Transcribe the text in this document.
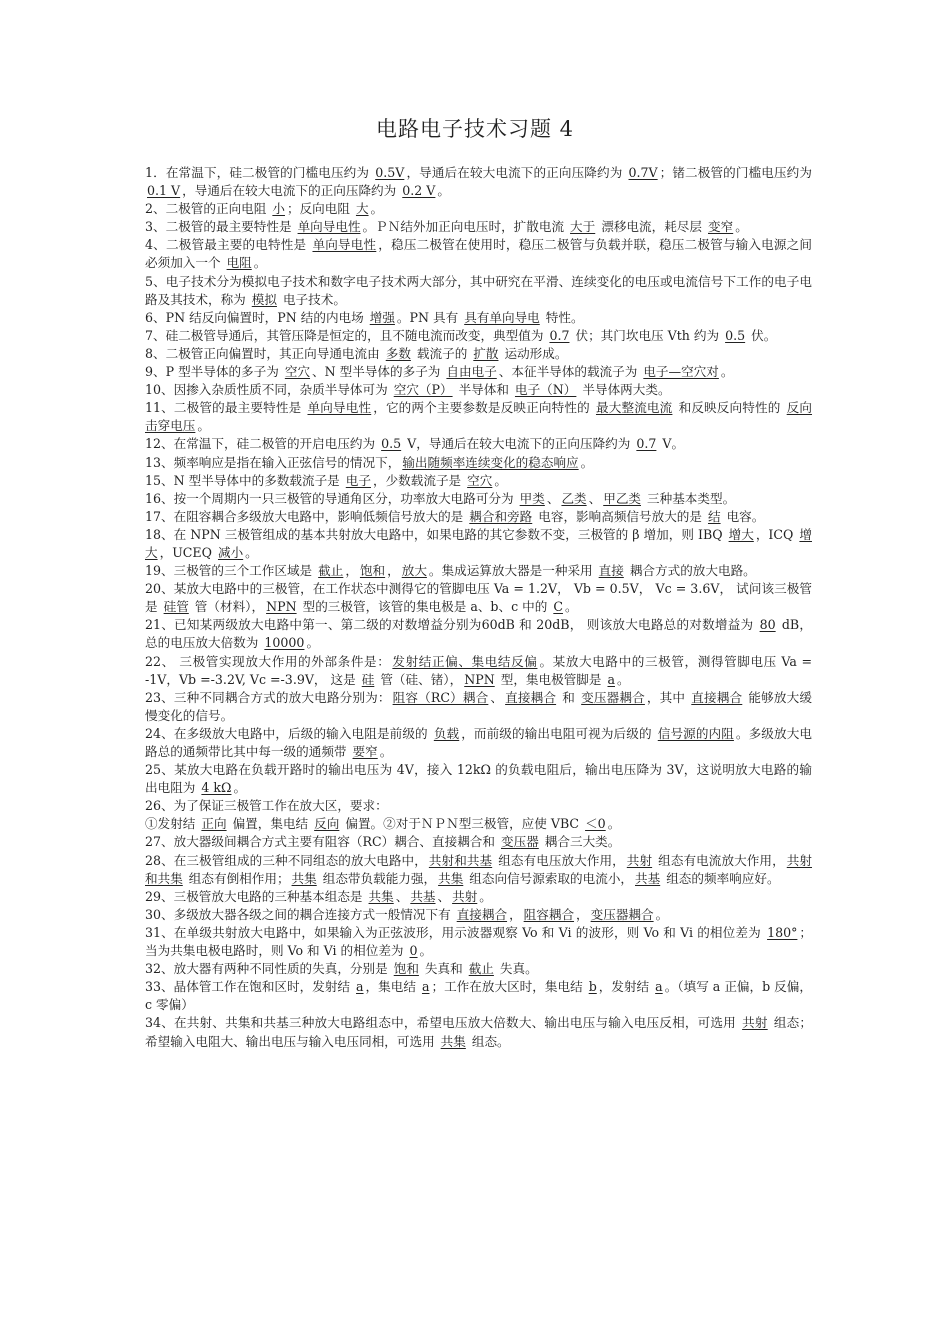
电路电子技术习题 4

1．在常温下，硅二极管的门槛电压约为 0.5V ，导通后在较大电流下的正向压降约为 0.7V ；锗二极管的门槛电压约为 0.1 V ，导通后在较大电流下的正向压降约为 0.2 V 。

2、二极管的正向电阻 小 ；反向电阻 大 。

3、二极管的最主要特性是 单向导电性 。ＰＮ结外加正向电压时，扩散电流 大于 漂移电流，耗尽层 变窄 。

4、二极管最主要的电特性是 单向导电性 ，稳压二极管在使用时，稳压二极管与负载并联，稳压二极管与输入电源之间必须加入一个 电阻 。

5、电子技术分为模拟电子技术和数字电子技术两大部分，其中研究在平滑、连续变化的电压或电流信号下工作的电子电路及其技术，称为 模拟 电子技术。

6、PN 结反向偏置时，PN 结的内电场 增强 。PN 具有 具有单向导电 特性。

7、硅二极管导通后，其管压降是恒定的，且不随电流而改变，典型值为 0.7 伏；其门坎电压 Vth 约为 0.5 伏。

8、二极管正向偏置时，其正向导通电流由 多数 载流子的 扩散 运动形成。

9、P 型半导体的多子为 空穴 、N 型半导体的多子为 自由电子 、本征半导体的载流子为 电子—空穴对 。

10、因掺入杂质性质不同，杂质半导体可为 空穴（P） 半导体和 电子（N） 半导体两大类。

11、二极管的最主要特性是 单向导电性 ，它的两个主要参数是反映正向特性的 最大整流电流 和反映反向特性的 反向击穿电压 。

12、在常温下，硅二极管的开启电压约为 0.5 V，导通后在较大电流下的正向压降约为 0.7 V。

13、频率响应是指在输入正弦信号的情况下， 输出随频率连续变化的稳态响应 。

15、N 型半导体中的多数载流子是 电子 ，少数载流子是 空穴 。

16、按一个周期内一只三极管的导通角区分，功率放大电路可分为 甲类 、 乙类 、 甲乙类 三种基本类型。

17、在阻容耦合多级放大电路中，影响低频信号放大的是 耦合和旁路 电容，影响高频信号放大的是 结 电容。

18、在 NPN 三极管组成的基本共射放大电路中，如果电路的其它参数不变，三极管的 β 增加，则 IBQ 增大 ，ICQ 增大 ，UCEQ 减小 。

19、三极管的三个工作区域是 截止 ， 饱和 ， 放大 。集成运算放大器是一种采用 直接 耦合方式的放大电路。

20、某放大电路中的三极管，在工作状态中测得它的管脚电压 Va = 1.2V， Vb = 0.5V， Vc = 3.6V， 试问该三极管是 硅管 管（材料）， NPN 型的三极管，该管的集电极是 a、b、c 中的 C 。

21、已知某两级放大电路中第一、第二级的对数增益分别为60dB 和 20dB， 则该放大电路总的对数增益为 80 dB，总的电压放大倍数为 10000 。

22、 三极管实现放大作用的外部条件是： 发射结正偏、集电结反偏 。某放大电路中的三极管，测得管脚电压 Va = -1V，Vb =-3.2V, Vc =-3.9V， 这是 硅 管（硅、锗）， NPN 型，集电极管脚是 a 。

23、三种不同耦合方式的放大电路分别为： 阻容（RC）耦合 、 直接耦合 和 变压器耦合 ，其中 直接耦合 能够放大缓慢变化的信号。

24、在多级放大电路中，后级的输入电阻是前级的 负载 ，而前级的输出电阻可视为后级的 信号源的内阻 。多级放大电路总的通频带比其中每一级的通频带 要窄 。

25、某放大电路在负载开路时的输出电压为 4V，接入 12kΩ 的负载电阻后，输出电压降为 3V，这说明放大电路的输出电阻为 4 kΩ 。

26、为了保证三极管工作在放大区，要求：

①发射结 正向 偏置，集电结 反向 偏置。②对于ＮＰＮ型三极管，应使 VBC ＜0 。

27、放大器级间耦合方式主要有阻容（RC）耦合、直接耦合和 变压器 耦合三大类。

28、在三极管组成的三种不同组态的放大电路中， 共射和共基 组态有电压放大作用， 共射 组态有电流放大作用， 共射和共集 组态有倒相作用； 共集 组态带负载能力强， 共集 组态向信号源索取的电流小， 共基 组态的频率响应好。

29、三极管放大电路的三种基本组态是 共集 、 共基 、 共射 。

30、多级放大器各级之间的耦合连接方式一般情况下有 直接耦合 ， 阻容耦合 ， 变压器耦合 。

31、在单级共射放大电路中，如果输入为正弦波形，用示波器观察 Vo 和 Vi 的波形，则 Vo 和 Vi 的相位差为 180° ；当为共集电极电路时，则 Vo 和 Vi 的相位差为 0 。

32、放大器有两种不同性质的失真，分别是 饱和 失真和 截止 失真。

33、晶体管工作在饱和区时，发射结 a ，集电结 a ；工作在放大区时，集电结 b ，发射结 a 。（填写 a 正偏，b 反偏，c 零偏）

34、在共射、共集和共基三种放大电路组态中，希望电压放大倍数大、输出电压与输入电压反相，可选用 共射 组态；希望输入电阻大、输出电压与输入电压同相，可选用 共集 组态。
